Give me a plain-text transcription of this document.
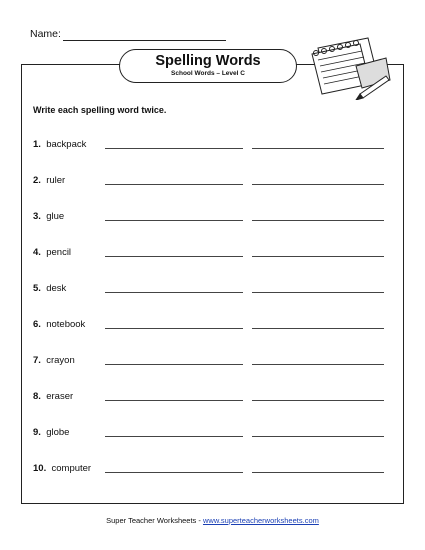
Name:
Spelling Words
School Words – Level C
Write each spelling word twice.
1. backpack
2. ruler
3. glue
4. pencil
5. desk
6. notebook
7. crayon
8. eraser
9. globe
10. computer
Super Teacher Worksheets - www.superteacherworksheets.com
